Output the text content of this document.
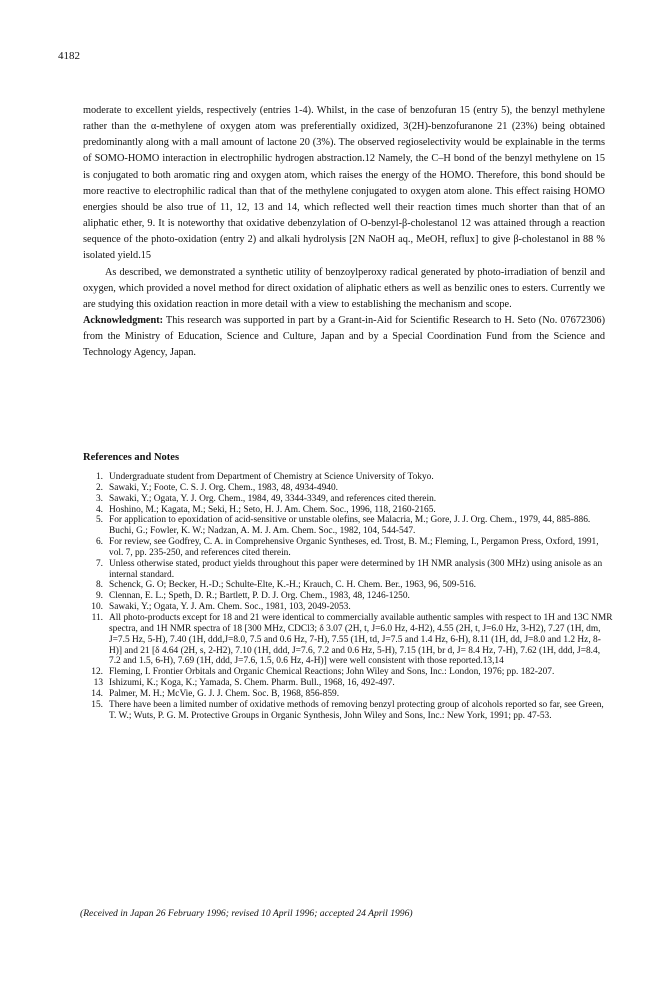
4182

moderate to excellent yields, respectively (entries 1-4). Whilst, in the case of benzofuran 15 (entry 5), the benzyl methylene rather than the α-methylene of oxygen atom was preferentially oxidized, 3(2H)-benzofuranone 21 (23%) being obtained predominantly along with a mall amount of lactone 20 (3%). The observed regioselectivity would be explainable in the terms of SOMO-HOMO interaction in electrophilic hydrogen abstraction.12 Namely, the C–H bond of the benzyl methylene on 15 is conjugated to both aromatic ring and oxygen atom, which raises the energy of the HOMO. Therefore, this bond should be more reactive to electrophilic radical than that of the methylene conjugated to oxygen atom alone. This effect raising HOMO energies should be also true of 11, 12, 13 and 14, which reflected well their reaction times much shorter than that of an aliphatic ether, 9. It is noteworthy that oxidative debenzylation of O-benzyl-β-cholestanol 12 was attained through a reaction sequence of the photo-oxidation (entry 2) and alkali hydrolysis [2N NaOH aq., MeOH, reflux] to give β-cholestanol in 88 % isolated yield.15

As described, we demonstrated a synthetic utility of benzoylperoxy radical generated by photo-irradiation of benzil and oxygen, which provided a novel method for direct oxidation of aliphatic ethers as well as benzilic ones to esters. Currently we are studying this oxidation reaction in more detail with a view to establishing the mechanism and scope.

Acknowledgment: This research was supported in part by a Grant-in-Aid for Scientific Research to H. Seto (No. 07672306) from the Ministry of Education, Science and Culture, Japan and by a Special Coordination Fund from the Science and Technology Agency, Japan.

References and Notes
1. Undergraduate student from Department of Chemistry at Science University of Tokyo.
2. Sawaki, Y.; Foote, C. S. J. Org. Chem., 1983, 48, 4934-4940.
3. Sawaki, Y.; Ogata, Y. J. Org. Chem., 1984, 49, 3344-3349, and references cited therein.
4. Hoshino, M.; Kagata, M.; Seki, H.; Seto, H. J. Am. Chem. Soc., 1996, 118, 2160-2165.
5. For application to epoxidation of acid-sensitive or unstable olefins, see Malacria, M.; Gore, J. J. Org. Chem., 1979, 44, 885-886. Buchi, G.; Fowler, K. W.; Nadzan, A. M. J. Am. Chem. Soc., 1982, 104, 544-547.
6. For review, see Godfrey, C. A. in Comprehensive Organic Syntheses, ed. Trost, B. M.; Fleming, I., Pergamon Press, Oxford, 1991, vol. 7, pp. 235-250, and references cited therein.
7. Unless otherwise stated, product yields throughout this paper were determined by 1H NMR analysis (300 MHz) using anisole as an internal standard.
8. Schenck, G. O; Becker, H.-D.; Schulte-Elte, K.-H.; Krauch, C. H. Chem. Ber., 1963, 96, 509-516.
9. Clennan, E. L.; Speth, D. R.; Bartlett, P. D. J. Org. Chem., 1983, 48, 1246-1250.
10. Sawaki, Y.; Ogata, Y. J. Am. Chem. Soc., 1981, 103, 2049-2053.
11. All photo-products except for 18 and 21 were identical to commercially available authentic samples with respect to 1H and 13C NMR spectra, and 1H NMR spectra of 18 [300 MHz, CDCl3; δ 3.07 (2H, t, J=6.0 Hz, 4-H2), 4.55 (2H, t, J=6.0 Hz, 3-H2), 7.27 (1H, dm, J=7.5 Hz, 5-H), 7.40 (1H, ddd,J=8.0, 7.5 and 0.6 Hz, 7-H), 7.55 (1H, td, J=7.5 and 1.4 Hz, 6-H), 8.11 (1H, dd, J=8.0 and 1.2 Hz, 8-H)] and 21 [δ 4.64 (2H, s, 2-H2), 7.10 (1H, ddd, J=7.6, 7.2 and 0.6 Hz, 5-H), 7.15 (1H, br d, J= 8.4 Hz, 7-H), 7.62 (1H, ddd, J=8.4, 7.2 and 1.5, 6-H), 7.69 (1H, ddd, J=7.6, 1.5, 0.6 Hz, 4-H)] were well consistent with those reported.13,14
12. Fleming, I. Frontier Orbitals and Organic Chemical Reactions; John Wiley and Sons, Inc.: London, 1976; pp. 182-207.
13 Ishizumi, K.; Koga, K.; Yamada, S. Chem. Pharm. Bull., 1968, 16, 492-497.
14. Palmer, M. H.; McVie, G. J. J. Chem. Soc. B, 1968, 856-859.
15. There have been a limited number of oxidative methods of removing benzyl protecting group of alcohols reported so far, see Green, T. W.; Wuts, P. G. M. Protective Groups in Organic Synthesis, John Wiley and Sons, Inc.: New York, 1991; pp. 47-53.
(Received in Japan 26 February 1996; revised 10 April 1996; accepted 24 April 1996)
